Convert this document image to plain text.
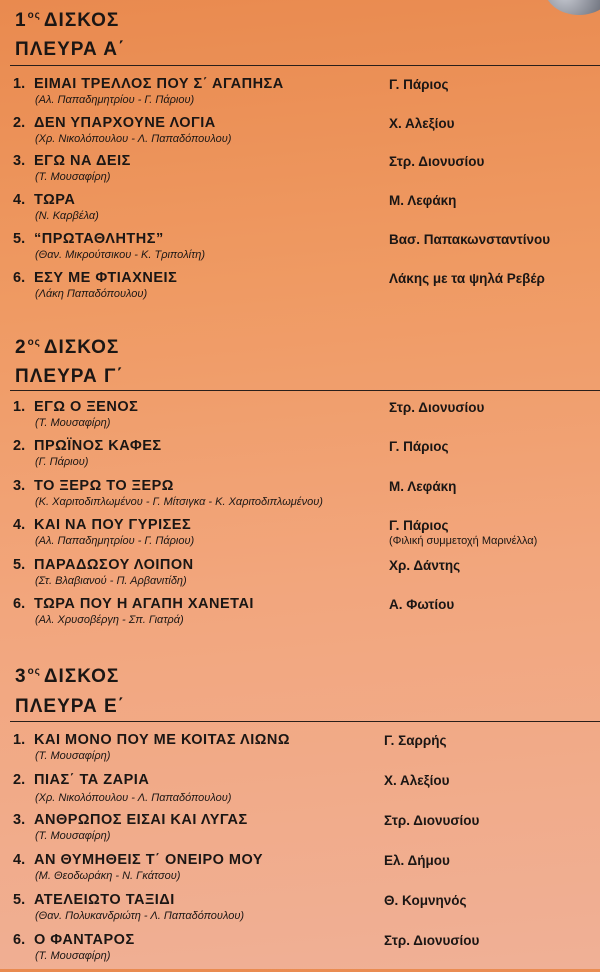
$1^{o\varsigma}$ ΔΙΣΚΟΣ
ΠΛΕΥΡΑ Α΄
1. ΕΙΜΑΙ ΤΡΕΛΛΟΣ ΠΟΥ Σ΄ ΑΓΑΠΗΣΑ
(Αλ. Παπαδημητρίου - Γ. Πάριου)
Γ. Πάριος
2. ΔΕΝ ΥΠΑΡΧΟΥΝΕ ΛΟΓΙΑ
(Χρ. Νικολόπουλου - Λ. Παπαδόπουλου)
Χ. Αλεξίου
3. ΕΓΩ ΝΑ ΔΕΙΣ
(Τ. Μουσαφίρη)
Στρ. Διονυσίου
4. ΤΩΡΑ
(Ν. Καρβέλα)
Μ. Λεφάκη
5. “ΠΡΩΤΑΘΛΗΤΗΣ”
(Θαν. Μικρούτσικου - Κ. Τριπολίτη)
Βασ. Παπακωνσταντίνου
6. ΕΣΥ ΜΕ ΦΤΙΑΧΝΕΙΣ
(Λάκη Παπαδόπουλου)
Λάκης με τα ψηλά Ρεβέρ
$2^{o\varsigma}$ ΔΙΣΚΟΣ
ΠΛΕΥΡΑ Γ΄
1. ΕΓΩ Ο ΞΕΝΟΣ
(Τ. Μουσαφίρη)
Στρ. Διονυσίου
2. ΠΡΩΪΝΟΣ ΚΑΦΕΣ
(Γ. Πάριου)
Γ. Πάριος
3. ΤΟ ΞΕΡΩ ΤΟ ΞΕΡΩ
(Κ. Χαριτοδιπλωμένου - Γ. Μίτσιγκα - Κ. Χαριτοδιπλωμένου)
Μ. Λεφάκη
4. ΚΑΙ ΝΑ ΠΟΥ ΓΥΡΙΣΕΣ
(Αλ. Παπαδημητρίου - Γ. Πάριου)
Γ. Πάριος
(Φιλική συμμετοχή Μαρινέλλα)
5. ΠΑΡΑΔΩΣΟΥ ΛΟΙΠΟΝ
(Στ. Βλαβιανού - Π. Αρβανιτίδη)
Χρ. Δάντης
6. ΤΩΡΑ ΠΟΥ Η ΑΓΑΠΗ ΧΑΝΕΤΑΙ
(Αλ. Χρυσοβέργη - Σπ. Γιατρά)
Α. Φωτίου
$3^{o\varsigma}$ ΔΙΣΚΟΣ
ΠΛΕΥΡΑ Ε΄
1. ΚΑΙ ΜΟΝΟ ΠΟΥ ΜΕ ΚΟΙΤΑΣ ΛΙΩΝΩ
(Τ. Μουσαφίρη)
Γ. Σαρρής
2. ΠΙΑΣ΄ ΤΑ ΖΑΡΙΑ
(Χρ. Νικολόπουλου - Λ. Παπαδόπουλου)
Χ. Αλεξίου
3. ΑΝΘΡΩΠΟΣ ΕΙΣΑΙ ΚΑΙ ΛΥΓΑΣ
(Τ. Μουσαφίρη)
Στρ. Διονυσίου
4. ΑΝ ΘΥΜΗΘΕΙΣ Τ΄ ΟΝΕΙΡΟ ΜΟΥ
(Μ. Θεοδωράκη - Ν. Γκάτσου)
Ελ. Δήμου
5. ΑΤΕΛΕΙΩΤΟ ΤΑΞΙΔΙ
(Θαν. Πολυκανδριώτη - Λ. Παπαδόπουλου)
Θ. Κομνηνός
6. Ο ΦΑΝΤΑΡΟΣ
(Τ. Μουσαφίρη)
Στρ. Διονυσίου
